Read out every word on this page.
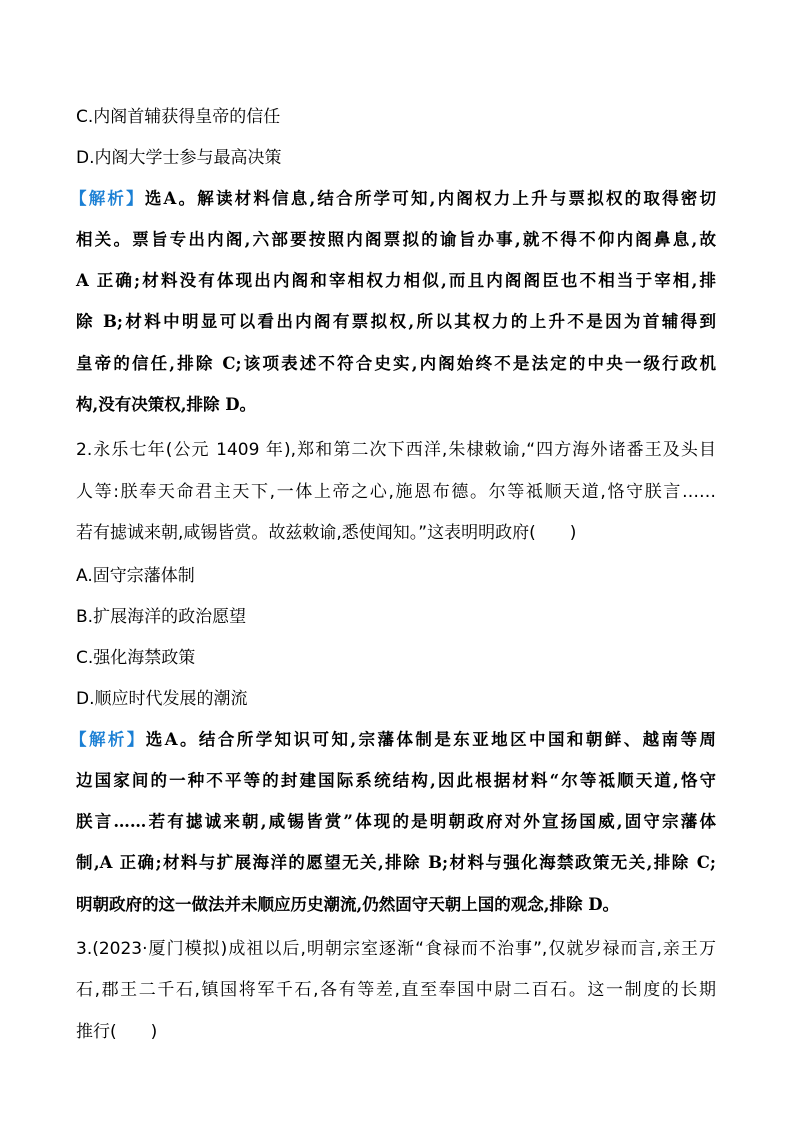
C.内阁首辅获得皇帝的信任
D.内阁大学士参与最高决策
【解析】选A。解读材料信息,结合所学可知,内阁权力上升与票拟权的取得密切
相关。票旨专出内阁,六部要按照内阁票拟的谕旨办事,就不得不仰内阁鼻息,故
A 正确;材料没有体现出内阁和宰相权力相似,而且内阁阁臣也不相当于宰相,排
除 B;材料中明显可以看出内阁有票拟权,所以其权力的上升不是因为首辅得到
皇帝的信任,排除 C;该项表述不符合史实,内阁始终不是法定的中央一级行政机
构,没有决策权,排除 D。
2.永乐七年(公元 1409 年),郑和第二次下西洋,朱棣敕谕,“四方海外诸番王及头目
人等:朕奉天命君主天下,一体上帝之心,施恩布德。尔等祗顺天道,恪守朕言……
若有摅诚来朝,咸锡皆赏。故兹敕谕,悉使闻知。”这表明明政府(　　)
A.固守宗藩体制
B.扩展海洋的政治愿望
C.强化海禁政策
D.顺应时代发展的潮流
【解析】选A。结合所学知识可知,宗藩体制是东亚地区中国和朝鲜、越南等周
边国家间的一种不平等的封建国际系统结构,因此根据材料“尔等祗顺天道,恪守
朕言……若有摅诚来朝,咸锡皆赏”体现的是明朝政府对外宣扬国威,固守宗藩体
制,A 正确;材料与扩展海洋的愿望无关,排除 B;材料与强化海禁政策无关,排除 C;
明朝政府的这一做法并未顺应历史潮流,仍然固守天朝上国的观念,排除 D。
3.(2023·厦门模拟)成祖以后,明朝宗室逐渐“食禄而不治事”,仅就岁禄而言,亲王万
石,郡王二千石,镇国将军千石,各有等差,直至奉国中尉二百石。这一制度的长期
推行(　　)
